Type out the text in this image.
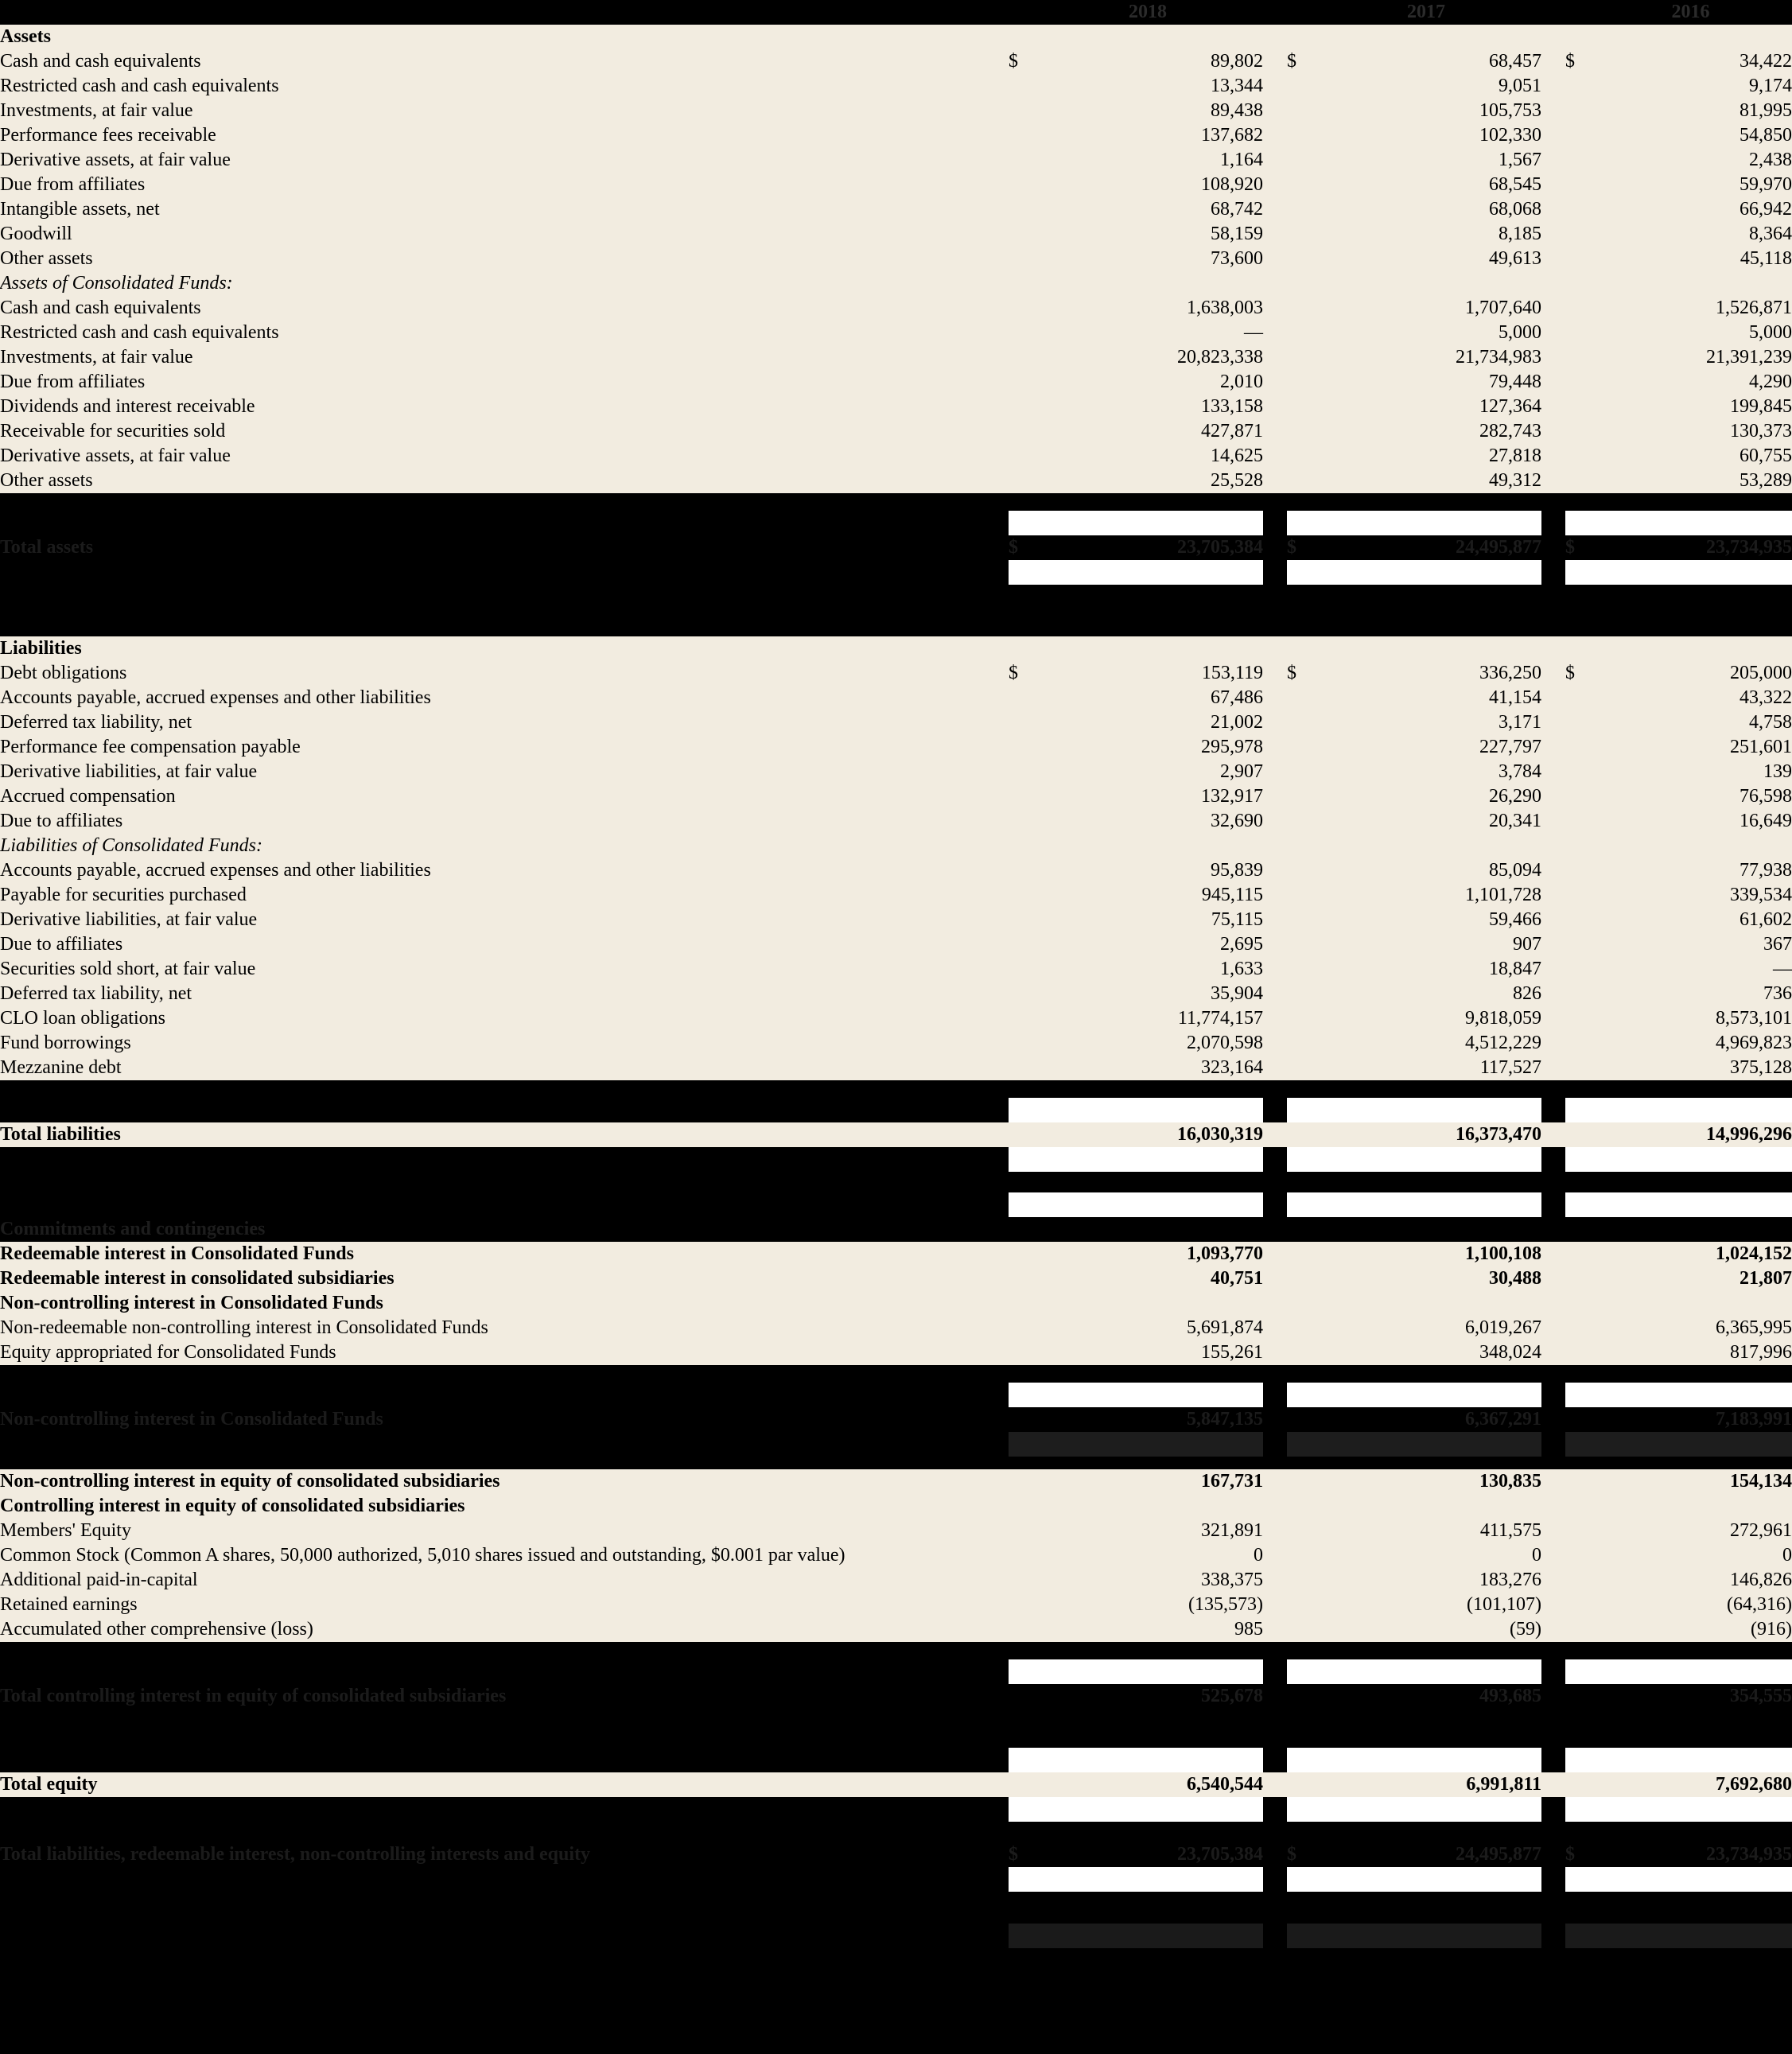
			2018			2017			2016
Assets									
Cash and cash equivalents		$	89,802		$	68,457		$	34,422
Restricted cash and cash equivalents			13,344			9,051			9,174
Investments, at fair value			89,438			105,753			81,995
Performance fees receivable			137,682			102,330			54,850
Derivative assets, at fair value			1,164			1,567			2,438
Due from affiliates			108,920			68,545			59,970
Intangible assets, net			68,742			68,068			66,942
Goodwill			58,159			8,185			8,364
Other assets			73,600			49,613			45,118
Assets of Consolidated Funds:									
Cash and cash equivalents			1,638,003			1,707,640			1,526,871
Restricted cash and cash equivalents			—			5,000			5,000
Investments, at fair value			20,823,338			21,734,983			21,391,239
Due from affiliates			2,010			79,448			4,290
Dividends and interest receivable			133,158			127,364			199,845
Receivable for securities sold			427,871			282,743			130,373
Derivative assets, at fair value			14,625			27,818			60,755
Other assets			25,528			49,312			53,289

Total assets		$	23,705,384		$	24,495,877		$	23,734,935

Liabilities									
Debt obligations		$	153,119		$	336,250		$	205,000
Accounts payable, accrued expenses and other liabilities			67,486			41,154			43,322
Deferred tax liability, net			21,002			3,171			4,758
Performance fee compensation payable			295,978			227,797			251,601
Derivative liabilities, at fair value			2,907			3,784			139
Accrued compensation			132,917			26,290			76,598
Due to affiliates			32,690			20,341			16,649
Liabilities of Consolidated Funds:									
Accounts payable, accrued expenses and other liabilities			95,839			85,094			77,938
Payable for securities purchased			945,115			1,101,728			339,534
Derivative liabilities, at fair value			75,115			59,466			61,602
Due to affiliates			2,695			907			367
Securities sold short, at fair value			1,633			18,847			—
Deferred tax liability, net			35,904			826			736
CLO loan obligations			11,774,157			9,818,059			8,573,101
Fund borrowings			2,070,598			4,512,229			4,969,823
Mezzanine debt			323,164			117,527			375,128

Total liabilities			16,030,319			16,373,470			14,996,296

Commitments and contingencies									
Redeemable interest in Consolidated Funds			1,093,770			1,100,108			1,024,152
Redeemable interest in consolidated subsidiaries			40,751			30,488			21,807
Non-controlling interest in Consolidated Funds									
Non-redeemable non-controlling interest in Consolidated Funds			5,691,874			6,019,267			6,365,995
Equity appropriated for Consolidated Funds			155,261			348,024			817,996

Non-controlling interest in Consolidated Funds			5,847,135			6,367,291			7,183,991

Non-controlling interest in equity of consolidated subsidiaries			167,731			130,835			154,134
Controlling interest in equity of consolidated subsidiaries									
Members' Equity			321,891			411,575			272,961
Common Stock (Common A shares, 50,000 authorized, 5,010 shares issued and outstanding, $0.001 par value)			0			0			0
Additional paid-in-capital			338,375			183,276			146,826
Retained earnings			(135,573)			(101,107)			(64,316)
Accumulated other comprehensive (loss)			985			(59)			(916)

Total controlling interest in equity of consolidated subsidiaries			525,678			493,685			354,555

Total equity			6,540,544			6,991,811			7,692,680

Total liabilities, redeemable interest, non-controlling interests and equity		$	23,705,384		$	24,495,877		$	23,734,935
